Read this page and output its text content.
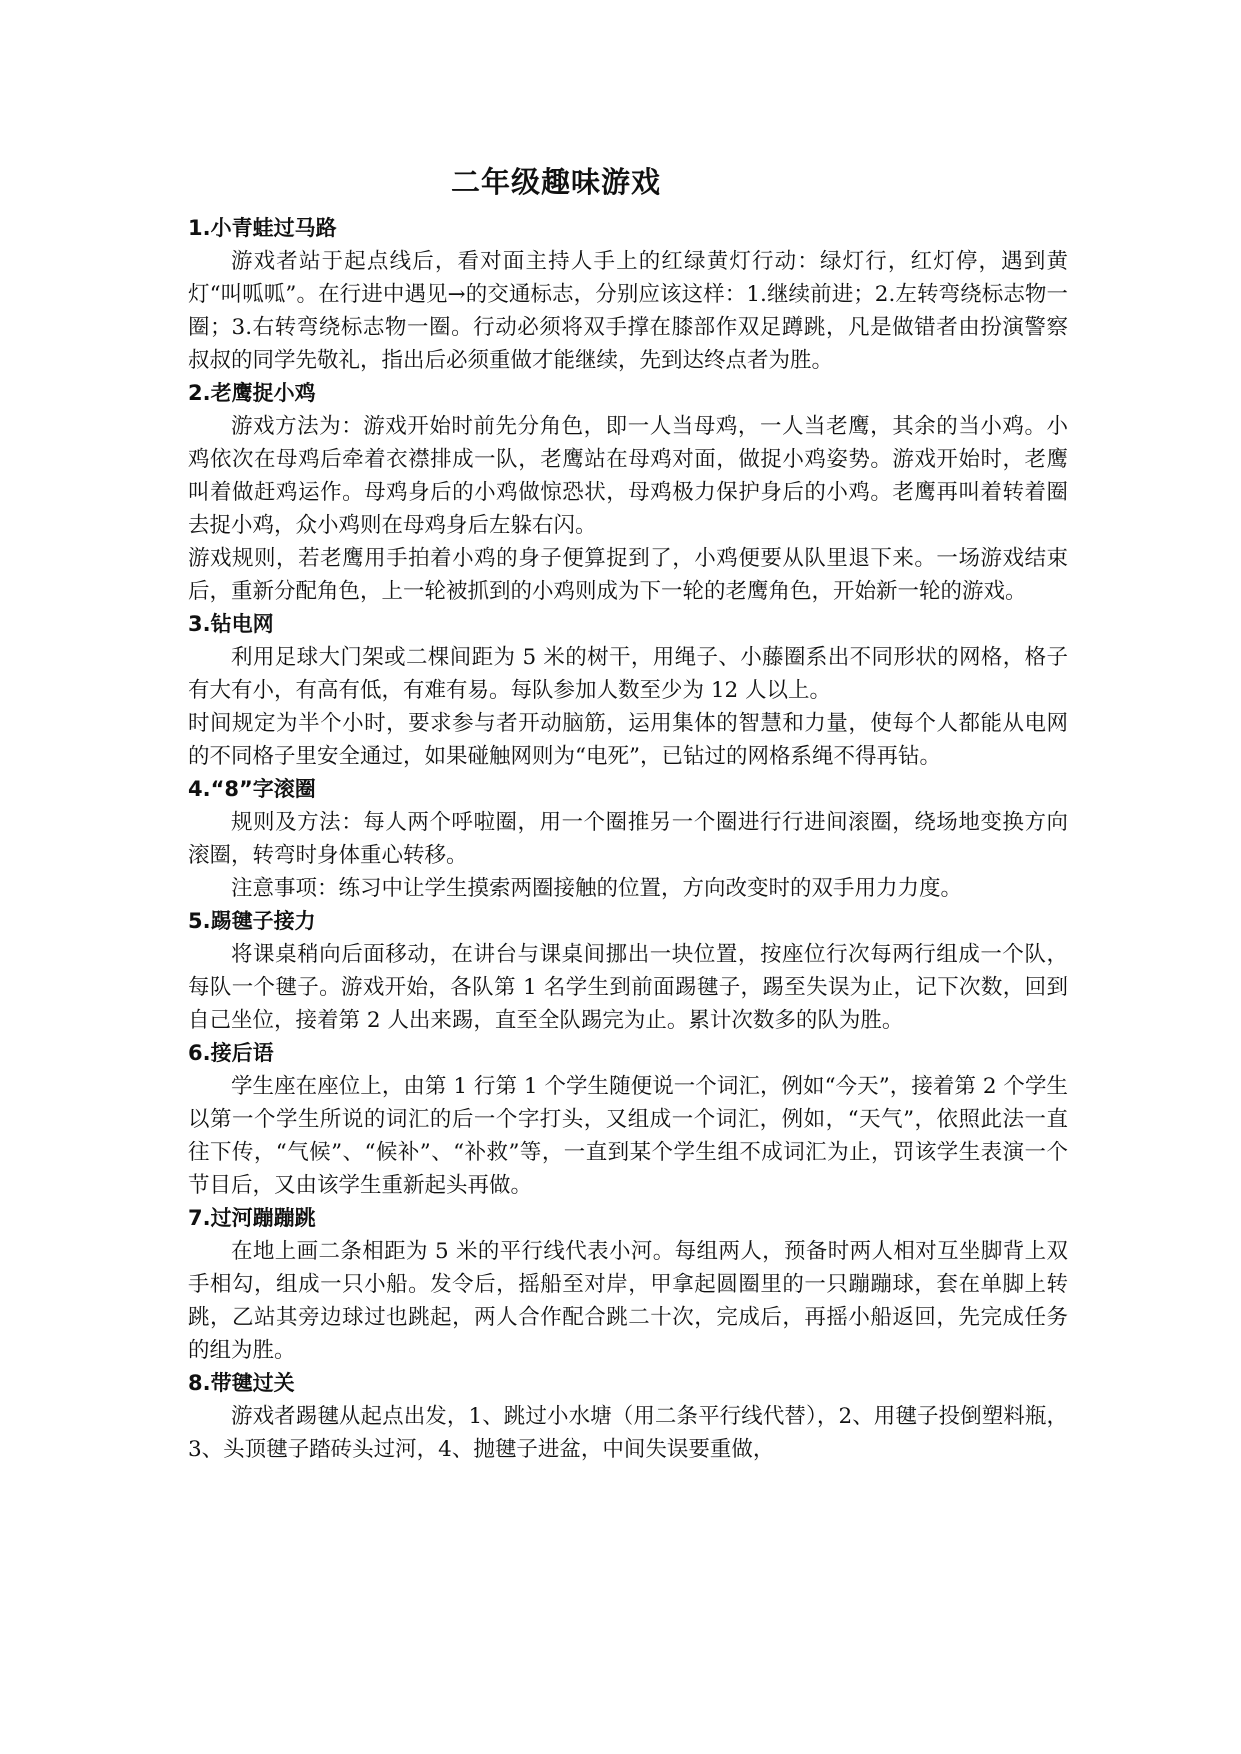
二年级趣味游戏
1.小青蛙过马路

游戏者站于起点线后，看对面主持人手上的红绿黄灯行动：绿灯行，红灯停，遇到黄灯“叫呱呱”。在行进中遇见→的交通标志，分别应该这样：1.继续前进；2.左转弯绕标志物一圈；3.右转弯绕标志物一圈。行动必须将双手撑在膝部作双足蹲跳，凡是做错者由扮演警察叔叔的同学先敬礼，指出后必须重做才能继续，先到达终点者为胜。

2.老鹰捉小鸡

游戏方法为：游戏开始时前先分角色，即一人当母鸡，一人当老鹰，其余的当小鸡。小鸡依次在母鸡后牵着衣襟排成一队，老鹰站在母鸡对面，做捉小鸡姿势。游戏开始时，老鹰叫着做赶鸡运作。母鸡身后的小鸡做惊恐状，母鸡极力保护身后的小鸡。老鹰再叫着转着圈去捉小鸡，众小鸡则在母鸡身后左躲右闪。

游戏规则，若老鹰用手拍着小鸡的身子便算捉到了，小鸡便要从队里退下来。一场游戏结束后，重新分配角色，上一轮被抓到的小鸡则成为下一轮的老鹰角色，开始新一轮的游戏。

3.钻电网

利用足球大门架或二棵间距为 5 米的树干，用绳子、小藤圈系出不同形状的网格，格子有大有小，有高有低，有难有易。每队参加人数至少为 12 人以上。

时间规定为半个小时，要求参与者开动脑筋，运用集体的智慧和力量，使每个人都能从电网的不同格子里安全通过，如果碰触网则为“电死”，已钻过的网格系绳不得再钻。

4.“8”字滚圈

规则及方法：每人两个呼啦圈，用一个圈推另一个圈进行行进间滚圈，绕场地变换方向滚圈，转弯时身体重心转移。

注意事项：练习中让学生摸索两圈接触的位置，方向改变时的双手用力力度。

5.踢毽子接力

将课桌稍向后面移动，在讲台与课桌间挪出一块位置，按座位行次每两行组成一个队，每队一个毽子。游戏开始，各队第 1 名学生到前面踢毽子，踢至失误为止，记下次数，回到自己坐位，接着第 2 人出来踢，直至全队踢完为止。累计次数多的队为胜。

6.接后语

学生座在座位上，由第 1 行第 1 个学生随便说一个词汇，例如“今天”，接着第 2 个学生以第一个学生所说的词汇的后一个字打头，又组成一个词汇，例如，“天气”，依照此法一直往下传，“气候”、“候补”、“补救”等，一直到某个学生组不成词汇为止，罚该学生表演一个节目后，又由该学生重新起头再做。

7.过河蹦蹦跳

在地上画二条相距为 5 米的平行线代表小河。每组两人，预备时两人相对互坐脚背上双手相勾，组成一只小船。发令后，摇船至对岸，甲拿起圆圈里的一只蹦蹦球，套在单脚上转跳，乙站其旁边球过也跳起，两人合作配合跳二十次，完成后，再摇小船返回，先完成任务的组为胜。

8.带毽过关

游戏者踢毽从起点出发，1、跳过小水塘（用二条平行线代替），2、用毽子投倒塑料瓶，3、头顶毽子踏砖头过河，4、抛毽子进盆，中间失误要重做，
